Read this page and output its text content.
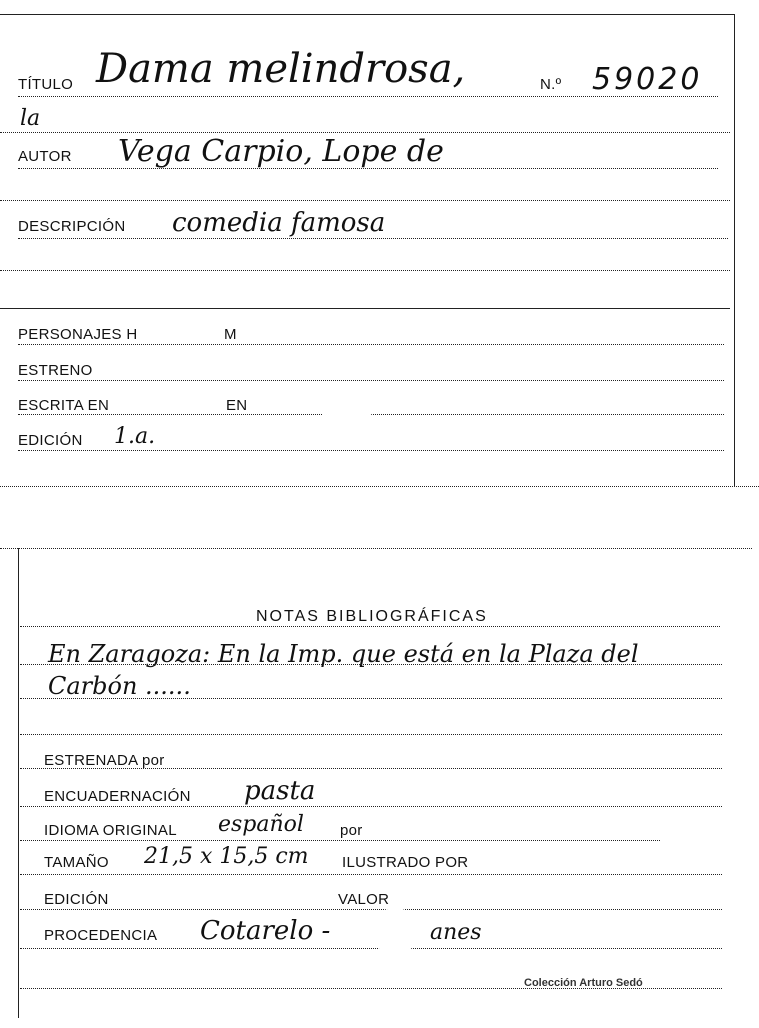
TÍTULO Dama melindrosa,	N.º 59020
la
AUTOR Vega Carpio, Lope de
DESCRIPCIÓN comedia famosa
PERSONAJES H	M
ESTRENO
ESCRITA EN	EN
EDICIÓN 1.a.
NOTAS BIBLIOGRÁFICAS
En Zaragoza: En la Imp. que está en la Plaza del
Carbón ......
ESTRENADA por
ENCUADERNACIÓN pasta
IDIOMA ORIGINAL español por
TAMAÑO 21,5 x 15,5 cm ILUSTRADO POR
EDICIÓN	VALOR
PROCEDENCIA Cotarelo -	anes
Colección Arturo Sedó
